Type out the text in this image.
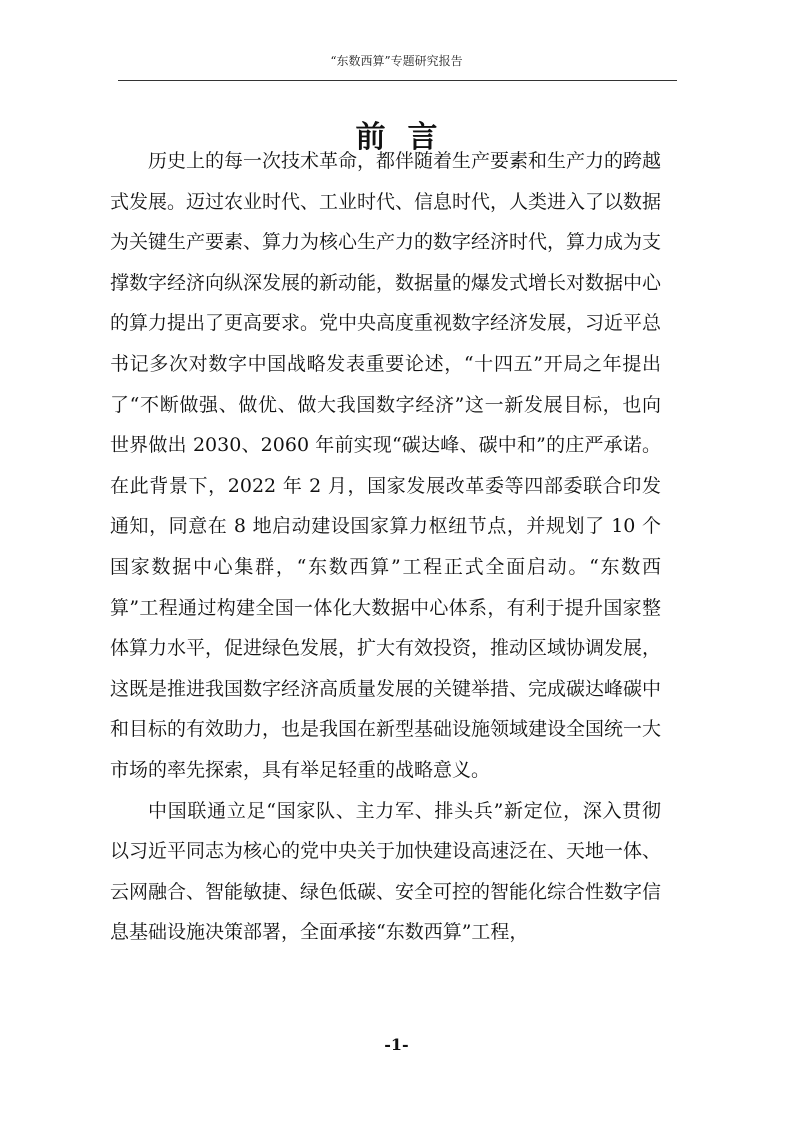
“东数西算”专题研究报告
前言

历史上的每一次技术革命，都伴随着生产要素和生产力的跨越式发展。迈过农业时代、工业时代、信息时代，人类进入了以数据为关键生产要素、算力为核心生产力的数字经济时代，算力成为支撑数字经济向纵深发展的新动能，数据量的爆发式增长对数据中心的算力提出了更高要求。党中央高度重视数字经济发展，习近平总书记多次对数字中国战略发表重要论述，“十四五”开局之年提出了“不断做强、做优、做大我国数字经济”这一新发展目标，也向世界做出 2030、2060 年前实现“碳达峰、碳中和”的庄严承诺。在此背景下，2022 年 2 月，国家发展改革委等四部委联合印发通知，同意在 8 地启动建设国家算力枢纽节点，并规划了 10 个国家数据中心集群，“东数西算”工程正式全面启动。“东数西算”工程通过构建全国一体化大数据中心体系，有利于提升国家整体算力水平，促进绿色发展，扩大有效投资，推动区域协调发展，这既是推进我国数字经济高质量发展的关键举措、完成碳达峰碳中和目标的有效助力，也是我国在新型基础设施领域建设全国统一大市场的率先探索，具有举足轻重的战略意义。

中国联通立足“国家队、主力军、排头兵”新定位，深入贯彻以习近平同志为核心的党中央关于加快建设高速泛在、天地一体、云网融合、智能敏捷、绿色低碳、安全可控的智能化综合性数字信息基础设施决策部署，全面承接“东数西算”工程，

-1-
